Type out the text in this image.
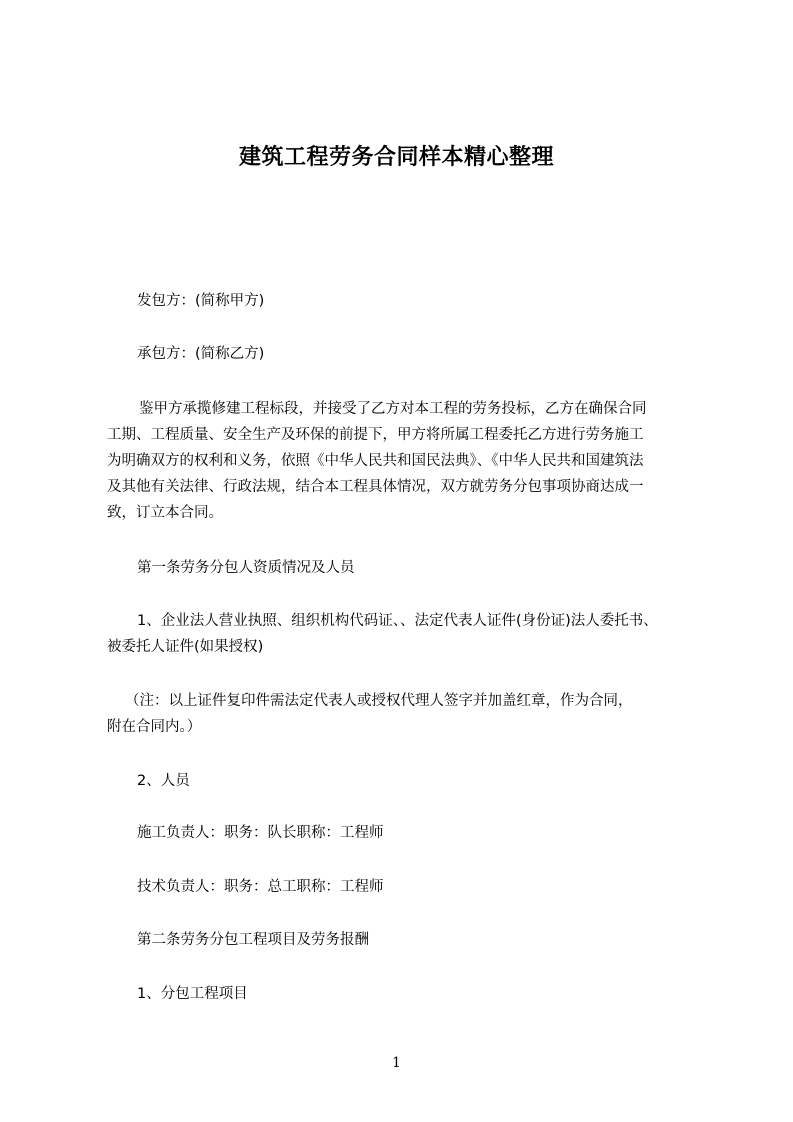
建筑工程劳务合同样本精心整理
发包方：(简称甲方)
承包方：(简称乙方)
鉴甲方承揽修建工程标段，并接受了乙方对本工程的劳务投标，乙方在确保合同
工期、工程质量、安全生产及环保的前提下，甲方将所属工程委托乙方进行劳务施工
为明确双方的权利和义务，依照《中华人民共和国民法典》、《中华人民共和国建筑法
及其他有关法律、行政法规，结合本工程具体情况，双方就劳务分包事项协商达成一
致，订立本合同。
第一条劳务分包人资质情况及人员
1、企业法人营业执照、组织机构代码证、、法定代表人证件(身份证)法人委托书、
被委托人证件(如果授权)
（注：以上证件复印件需法定代表人或授权代理人签字并加盖红章，作为合同，
附在合同内。）
2、人员
施工负责人：职务：队长职称：工程师
技术负责人：职务：总工职称：工程师
第二条劳务分包工程项目及劳务报酬
1、分包工程项目
1
